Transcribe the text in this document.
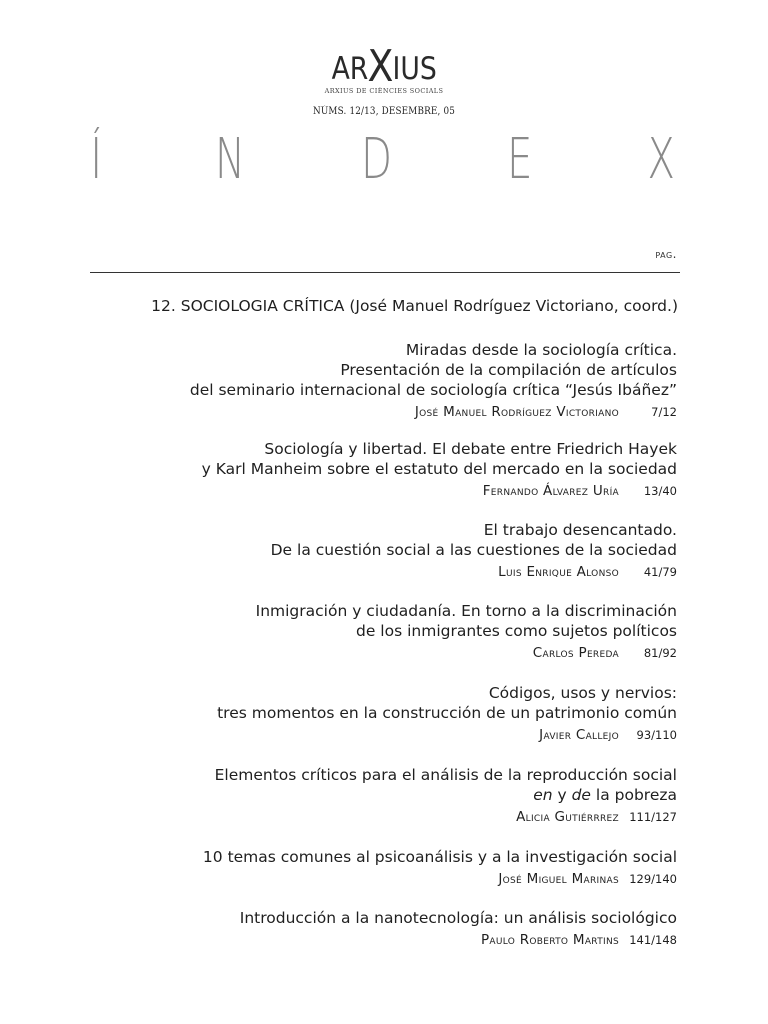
ARXIUS
ARXIUS DE CIÈNCIES SOCIALS
NÚMS. 12/13, DESEMBRE, 05
Í N D E X
pag.
12. SOCIOLOGIA CRÍTICA (José Manuel Rodríguez Victoriano, coord.)
Miradas desde la sociología crítica.
Presentación de la compilación de artículos
del seminario internacional de sociología crítica “Jesús Ibáñez”
José Manuel Rodríguez Victoriano	7/12
Sociología y libertad. El debate entre Friedrich Hayek
y Karl Manheim sobre el estatuto del mercado en la sociedad
Fernando Álvarez Uría	13/40
El trabajo desencantado.
De la cuestión social a las cuestiones de la sociedad
Luis Enrique Alonso	41/79
Inmigración y ciudadanía. En torno a la discriminación
de los inmigrantes como sujetos políticos
Carlos Pereda	81/92
Códigos, usos y nervios:
tres momentos en la construcción de un patrimonio común
Javier Callejo	93/110
Elementos críticos para el análisis de la reproducción social
en y de la pobreza
Alicia Gutiérrrez 111/127
10 temas comunes al psicoanálisis y a la investigación social
José Miguel Marinas 129/140
Introducción a la nanotecnología: un análisis sociológico
Paulo Roberto Martins 141/148
